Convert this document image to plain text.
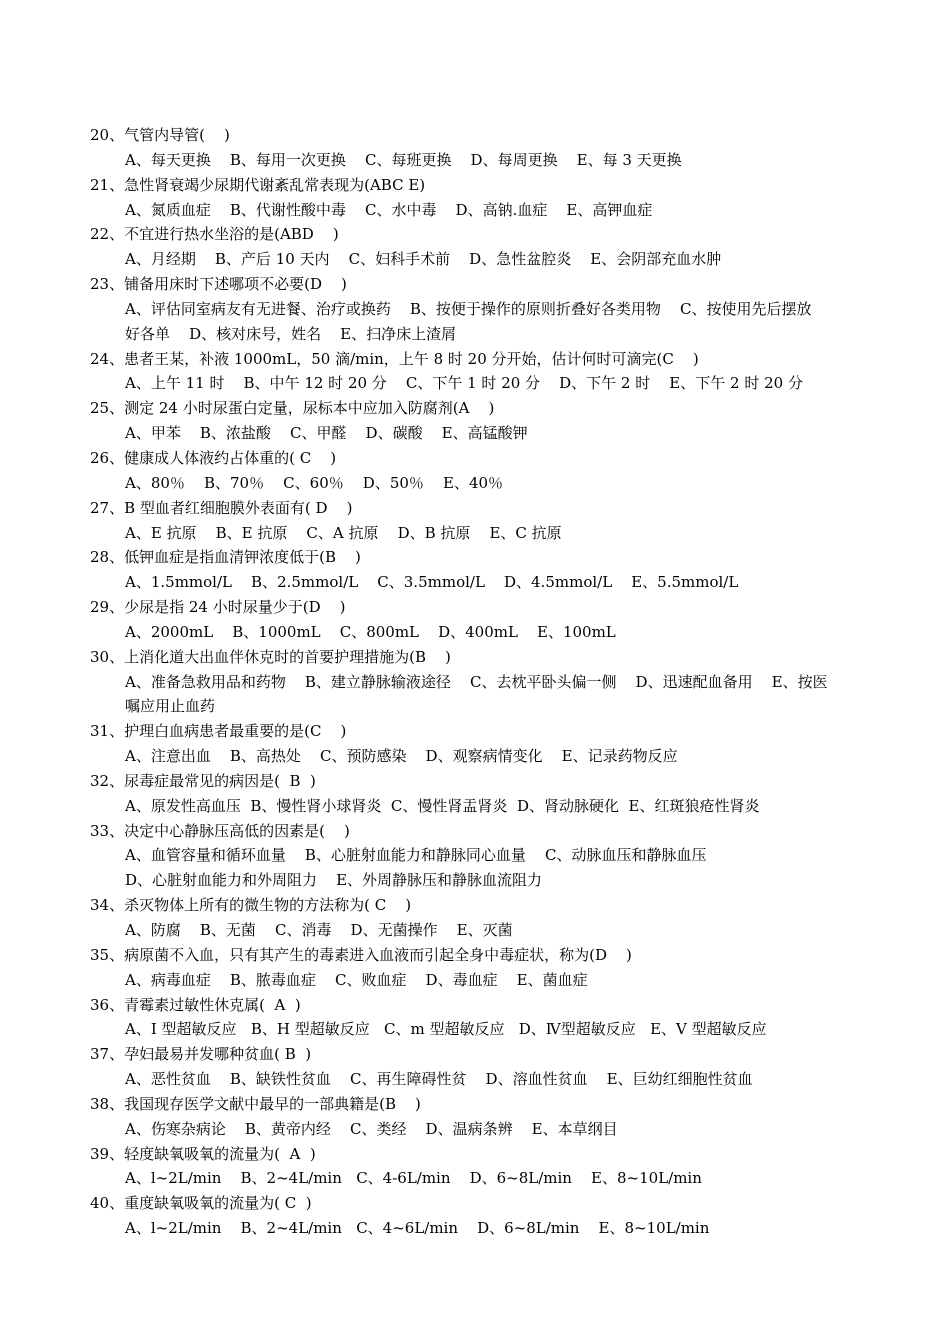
20、气管内导管(    )
A、每天更换    B、每用一次更换    C、每班更换    D、每周更换    E、每 3 天更换
21、急性肾衰竭少尿期代谢紊乱常表现为(ABC E)
A、氮质血症    B、代谢性酸中毒    C、水中毒    D、高钠.血症    E、高钾血症
22、不宜进行热水坐浴的是(ABD    )
A、月经期    B、产后 10 天内    C、妇科手术前    D、急性盆腔炎    E、会阴部充血水肿
23、铺备用床时下述哪项不必要(D    )
A、评估同室病友有无进餐、治疗或换药    B、按便于操作的原则折叠好各类用物    C、按使用先后摆放
好各单    D、核对床号，姓名    E、扫净床上渣屑
24、患者王某，补液 1000mL，50 滴/min，上午 8 时 20 分开始，估计何时可滴完(C    )
A、上午 11 时    B、中午 12 时 20 分    C、下午 1 时 20 分    D、下午 2 时    E、下午 2 时 20 分
25、测定 24 小时尿蛋白定量，尿标本中应加入防腐剂(A    )
A、甲苯    B、浓盐酸    C、甲醛    D、碳酸    E、高锰酸钾
26、健康成人体液约占体重的( C    )
A、80％    B、70％    C、60％    D、50％    E、40％
27、B 型血者红细胞膜外表面有( D    )
A、E 抗原    B、E 抗原    C、A 抗原    D、B 抗原    E、C 抗原
28、低钾血症是指血清钾浓度低于(B    )
A、1.5mmol/L    B、2.5mmol/L    C、3.5mmol/L    D、4.5mmol/L    E、5.5mmol/L
29、少尿是指 24 小时尿量少于(D    )
A、2000mL    B、1000mL    C、800mL    D、400mL    E、100mL
30、上消化道大出血伴休克时的首要护理措施为(B    )
A、准备急救用品和药物    B、建立静脉输液途径    C、去枕平卧头偏一侧    D、迅速配血备用    E、按医
嘱应用止血药
31、护理白血病患者最重要的是(C    )
A、注意出血    B、高热处    C、预防感染    D、观察病情变化    E、记录药物反应
32、尿毒症最常见的病因是(  B  )
A、原发性高血压  B、慢性肾小球肾炎  C、慢性肾盂肾炎  D、肾动脉硬化  E、红斑狼疮性肾炎
33、决定中心静脉压高低的因素是(    )
A、血管容量和循环血量    B、心脏射血能力和静脉同心血量    C、动脉血压和静脉血压
D、心脏射血能力和外周阻力    E、外周静脉压和静脉血流阻力
34、杀灭物体上所有的微生物的方法称为( C    )
A、防腐    B、无菌    C、消毒    D、无菌操作    E、灭菌
35、病原菌不入血，只有其产生的毒素进入血液而引起全身中毒症状，称为(D    )
A、病毒血症    B、脓毒血症    C、败血症    D、毒血症    E、菌血症
36、青霉素过敏性休克属(  A  )
A、I 型超敏反应   B、H 型超敏反应   C、m 型超敏反应   D、Ⅳ型超敏反应   E、V 型超敏反应
37、孕妇最易并发哪种贫血( B  )
A、恶性贫血    B、缺铁性贫血    C、再生障碍性贫    D、溶血性贫血    E、巨幼红细胞性贫血
38、我国现存医学文献中最早的一部典籍是(B    )
A、伤寒杂病论    B、黄帝内经    C、类经    D、温病条辨    E、本草纲目
39、轻度缺氧吸氧的流量为(  A  )
A、l~2L/min    B、2~4L/min   C、4-6L/min    D、6~8L/min    E、8~10L/min
40、重度缺氧吸氧的流量为( C  )
A、l~2L/min    B、2~4L/min   C、4~6L/min    D、6~8L/min    E、8~10L/min
